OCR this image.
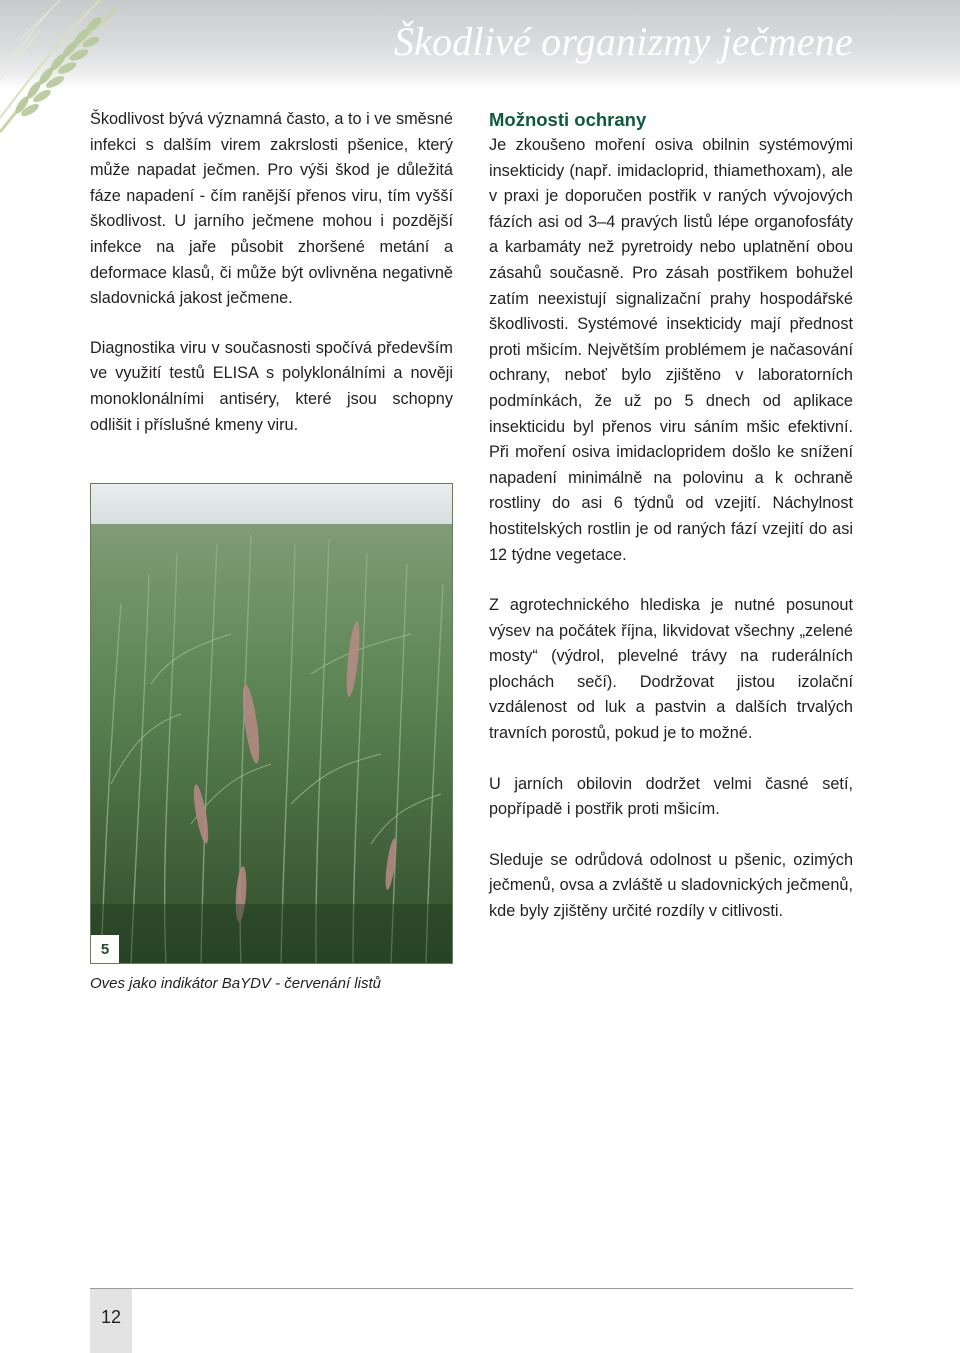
Škodlivé organizmy ječmene

Škodlivost bývá významná často, a to i ve směsné infekci s dalším virem zakrslosti pšenice, který může napadat ječmen. Pro výši škod je důležitá fáze napadení - čím ranější přenos viru, tím vyšší škodlivost. U jarního ječmene mohou i pozdější infekce na jaře působit zhoršené metání a deformace klasů, či může být ovlivněna negativně sladovnická jakost ječmene.

Diagnostika viru v současnosti spočívá především ve využití testů ELISA s polyklonálními a nověji monoklonálními antiséry, které jsou schopny odlišit i příslušné kmeny viru.

5
Oves jako indikátor BaYDV - červenání listů
Možnosti ochrany

Je zkoušeno moření osiva obilnin systémovými insekticidy (např. imidacloprid, thiamethoxam), ale v praxi je doporučen postřik v raných vývojových fázích asi od 3–4 pravých listů lépe organofosfáty a karbamáty než pyretroidy nebo uplatnění obou zásahů současně. Pro zásah postřikem bohužel zatím neexistují signalizační prahy hospodářské škodlivosti. Systémové insekticidy mají přednost proti mšicím. Největším problémem je načasování ochrany, neboť bylo zjištěno v laboratorních podmínkách, že už po 5 dnech od aplikace insekticidu byl přenos viru sáním mšic efektivní. Při moření osiva imidaclopridem došlo ke snížení napadení minimálně na polovinu a k ochraně rostliny do asi 6 týdnů od vzejití. Náchylnost hostitelských rostlin je od raných fází vzejití do asi 12 týdne vegetace.

Z agrotechnického hlediska je nutné posunout výsev na počátek října, likvidovat všechny „zelené mosty“ (výdrol, plevelné trávy na ruderálních plochách sečí). Dodržovat jistou izolační vzdálenost od luk a pastvin a dalších trvalých travních porostů, pokud je to možné.

U jarních obilovin dodržet velmi časné setí, popřípadě i postřik proti mšicím.

Sleduje se odrůdová odolnost u pšenic, ozimých ječmenů, ovsa a zvláště u sladovnických ječmenů, kde byly zjištěny určité rozdíly v citlivosti.

12
